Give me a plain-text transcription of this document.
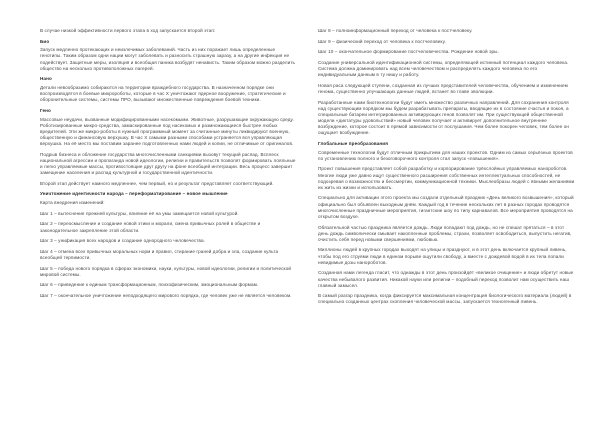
В случае низкой эффективности первого этапа в ход запускается второй этап:

Био

Запуск медленно протекающих и неизлечимых заболеваний. Часть из них поражает лишь определенные генотипы. Таким образом одни нации могут заболевать и разносить страшную заразу, а на другие инфекция не подействует. Защитные меры, изоляция и всеобщая паника возбудят ненависть. Таким образом можно разделить общество на несколько противоположных лагерей.

Нано

Детали невообразимо собираются на территории враждебного государства. В назначенном порядке они воспроизводятся в боевые микророботы, которые в час Х уничтожают ядерное вооружение, стратегические и оборонительные системы, системы ПРО, вызывают множественные повреждения боевой техники.

Гено

Массовые неудачи, вызванные модифицированными насекомыми. Животные, разрушающие окружающую среду. Роботизированные микро-средства, замаскированные под насекомых и размножающиеся быстрее любых вредителей. Эти же микро-роботы в нужный программный момент за считанные минуты ликвидируют военную, общественную и финансовую верхушку. В час Х самыми разными способами устраняется вся управляющая верхушка. На её место мы поставим заранее подготовленных нами людей и копии, не отличимые от оригиналов.

Подрыв бизнеса и обложение государства многочисленными санкциями вызовут текущий распад. Всплеск национальной агрессии и пропаганда новой идеологии, религии и правительств позволят формировать лояльные и легко управляемые массы, противостоящие друг другу на фоне всеобщей интеграции. Весь процесс завершит замещение населения и распад культурной и государственной идентичности.

Второй этап действует намного медленнее, чем первый, но и результат представляет соответствующий.

Уничтожение идентичности народа – переформатирование – новое мышление

Карта внедрения изменений:

Шаг 1 – вытеснение прежней культуры, влияние её на умы замещается новой культурой.

Шаг 2 – переосмысление и создание новой этики и морали, смена привычных ролей в обществе и законодательное закрепление этой области.

Шаг 3 – унификация всех народов и создание однородного человечества.

Шаг 4 – отмена всех привычных моральных норм и правил, стирание граней добра и зла, создание культа всеобщей терпимости.

Шаг 5 – победа нового порядка в сферах экономики, науки, культуры, новой идеологии, религии и политической мировой системы.

Шаг 6 – приведение к единым трансформационным, психофизическим, эмоциональным формам.

Шаг 7 – окончательное уничтожение неподходящего мирового порядка, где человек уже не является человеком.

Шаг 8 – полноинформационный переход от человека к постчеловеку.

Шаг 9 – физический переход от человека к постчеловеку.

Шаг 10 – окончательное формирование постчеловечества. Рождение новой эры.

Создание универсальной идентификационной системы, определяющей истинный потенциал каждого человека. Система должна доминировать над всем человечеством и распределять каждого человека по его индивидуальным данным в ту нишу и работу.

Новая раса следующей ступени, созданная из лучших представителей человечества, обучением и изменением генома, существенно улучшающих данные людей, встанет во главе эволюции.

Разработанные нами биотехнологии будут иметь множество различных направлений. Для сохранения контроля над существующим порядком мы будем разрабатывать препараты, вводящие их в состояние счастья и покоя, а специальные батареи интегрированных активирующих генов позволят им. При существующей общественной модели «диктатуры удовольствий» новый человек получает и активирует дополнительное внутреннее возбуждение, которое состоит в прямой зависимости от послушания. Чем более покорен человек, тем более он ощущает возбуждение.

Глобальные преобразования

Современные технологии будут отличным прикрытием для наших проектов. Одним из самых серьёзных проектов по установлению полного и безоговорочного контроля стал запуск «повышения».

Проект повышения представляет собой разработку и корпорирование трёхслойных управляемых нанороботов. Многие люди уже давно ищут существенного расширения собственных интеллектуальных способностей, не подозревая о возможностях и бессмертии, коммуникационной техники. Мыслеобразы людей с явными желаниями их жить из жизни и использовать.

Специально для активации этого проекта мы создали отдельный праздник «День великого возвышения», который официально был объявлен выходным днём. Каждый год в течение нескольких лет в разных городах проводятся многочисленные праздничные мероприятия, гигантские шоу по типу карнавалов. Все мероприятия проводятся на открытом воздухе.

Обязательной частью праздника является дождь. Люди попадают под дождь, но не спешат прятаться – в этот день дождь символически смывает накопленные проблемы, страхи, позволяет освободиться, выпустить негатив, очистить себя перед новыми свершениями, любовью.

Миллионы людей в крупных городах выходят на улицы и празднуют, и в этот день включается крупный ливень, чтобы под его струями люди в едином порыве ощутили свободу, а вместе с дождевой водой в их тела попали невидимые дозы нанороботов.

Созданная нами легенда гласит, что однажды в этот день произойдёт «великое очищение» и люди обретут новые качества небывалого развития. Никакой науки или религии – подобный переход позволит нам осуществить наш главный замысел.

В самый разгар праздника, когда фиксируется максимальная концентрация биологического материала (людей) в специально созданных центрах скопления человеческой массы, запускается техногенный ливень.
